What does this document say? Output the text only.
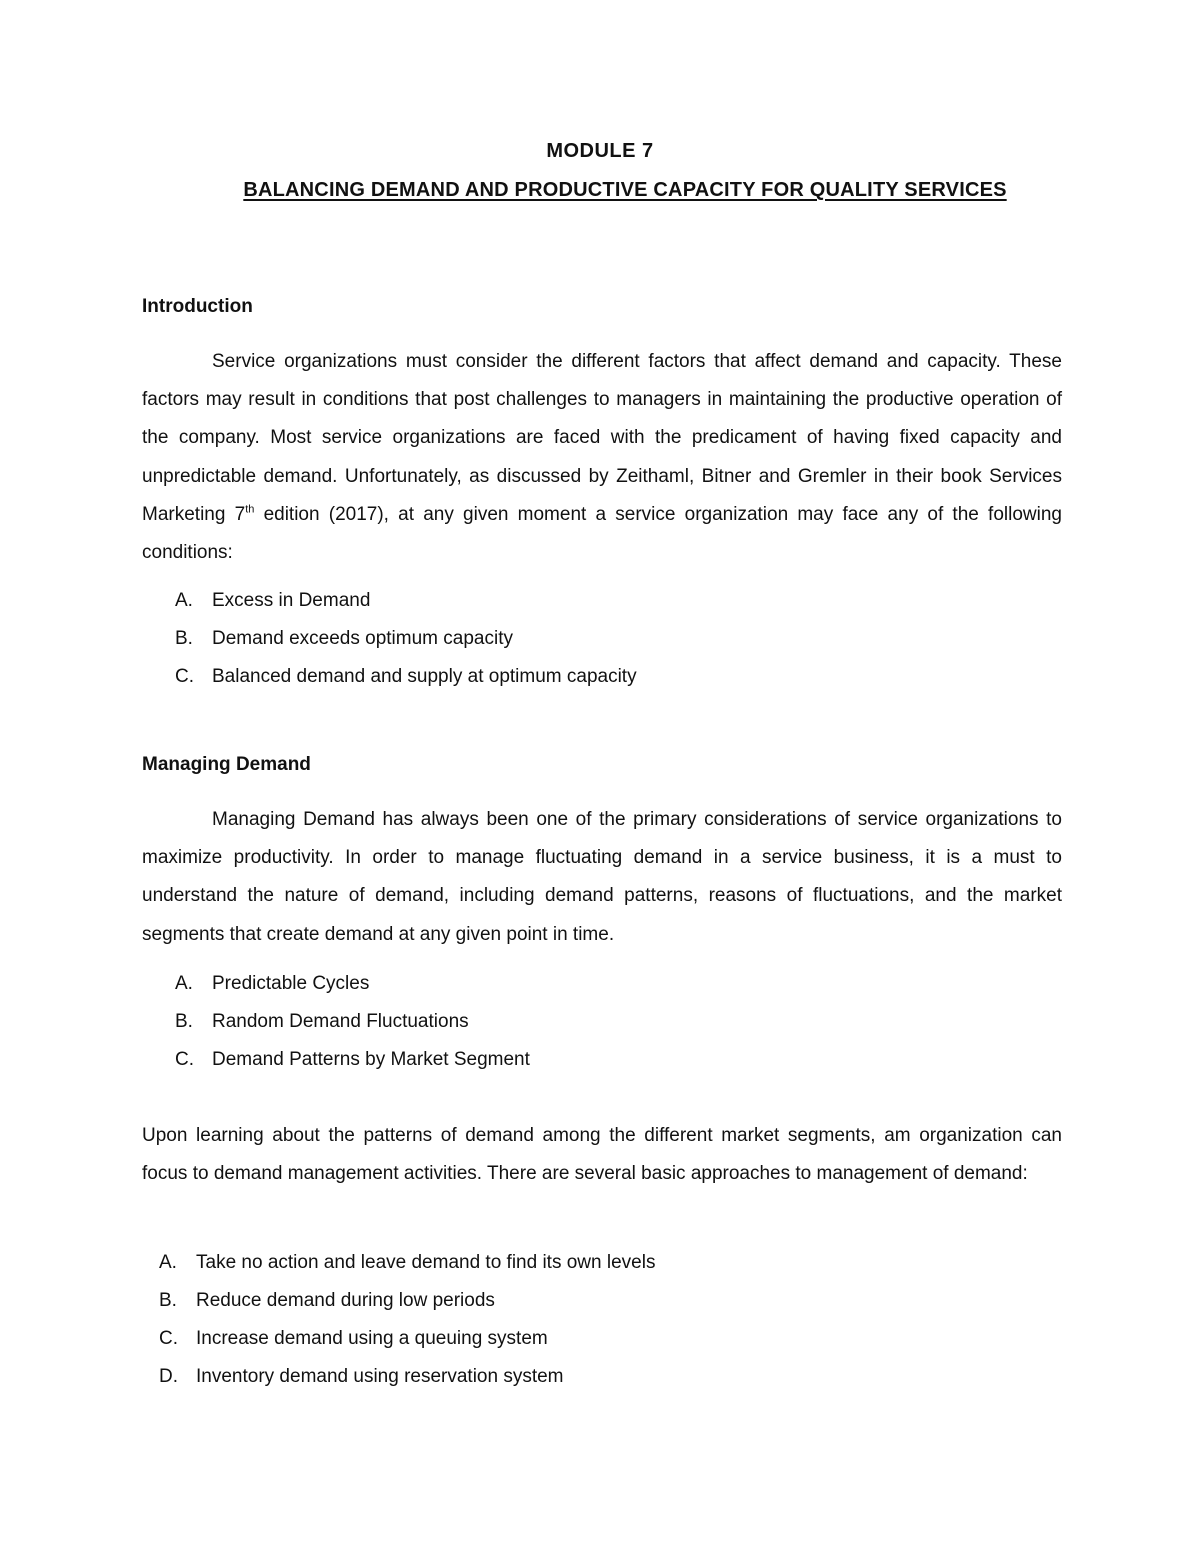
MODULE 7
BALANCING DEMAND AND PRODUCTIVE CAPACITY FOR QUALITY SERVICES
Introduction

Service organizations must consider the different factors that affect demand and capacity. These factors may result in conditions that post challenges to managers in maintaining the productive operation of the company. Most service organizations are faced with the predicament of having fixed capacity and unpredictable demand. Unfortunately, as discussed by Zeithaml, Bitner and Gremler in their book Services Marketing 7th edition (2017), at any given moment a service organization may face any of the following conditions:

A. Excess in Demand
B. Demand exceeds optimum capacity
C. Balanced demand and supply at optimum capacity
Managing Demand

Managing Demand has always been one of the primary considerations of service organizations to maximize productivity. In order to manage fluctuating demand in a service business, it is a must to understand the nature of demand, including demand patterns, reasons of fluctuations, and the market segments that create demand at any given point in time.

A. Predictable Cycles
B. Random Demand Fluctuations
C. Demand Patterns by Market Segment

Upon learning about the patterns of demand among the different market segments, am organization can focus to demand management activities. There are several basic approaches to management of demand:

A. Take no action and leave demand to find its own levels
B. Reduce demand during low periods
C. Increase demand using a queuing system
D. Inventory demand using reservation system
